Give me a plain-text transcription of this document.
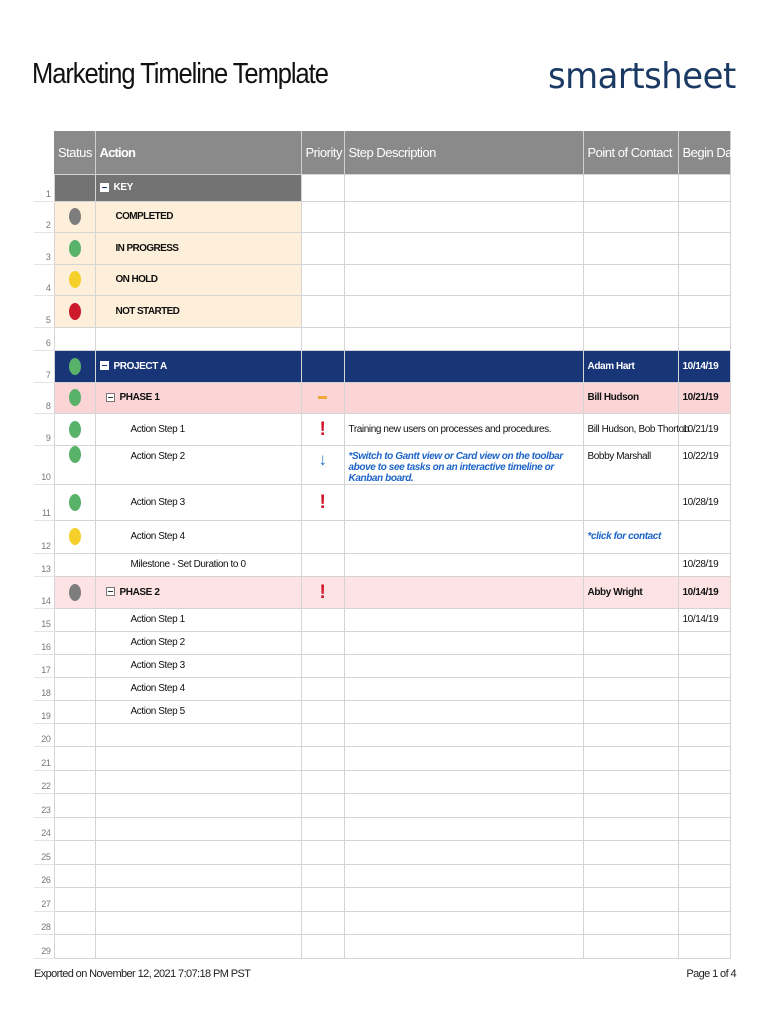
Marketing Timeline Template	smartsheet
	Status	Action	Priority	Step Description	Point of Contact	Begin Date
1		KEY				
2		COMPLETED				
3		IN PROGRESS				
4		ON HOLD				
5		NOT STARTED				
6						
7		PROJECT A			Adam Hart	10/14/19
8		PHASE 1			Bill Hudson	10/21/19
9		Action Step 1	!	Training new users on processes and procedures.	Bill Hudson, Bob Thorton	10/21/19
10		Action Step 2	↓	*Switch to Gantt view or Card view on the toolbar above to see tasks on an interactive timeline or Kanban board.	Bobby Marshall	10/22/19
11		Action Step 3	!			10/28/19
12		Action Step 4			*click for contact	
13		Milestone - Set Duration to 0				10/28/19
14		PHASE 2	!		Abby Wright	10/14/19
15		Action Step 1				10/14/19
16		Action Step 2				
17		Action Step 3				
18		Action Step 4				
19		Action Step 5				
20						
21						
22						
23						
24						
25						
26						
27						
28						
29						
Exported on November 12, 2021 7:07:18 PM PST	Page 1 of 4
